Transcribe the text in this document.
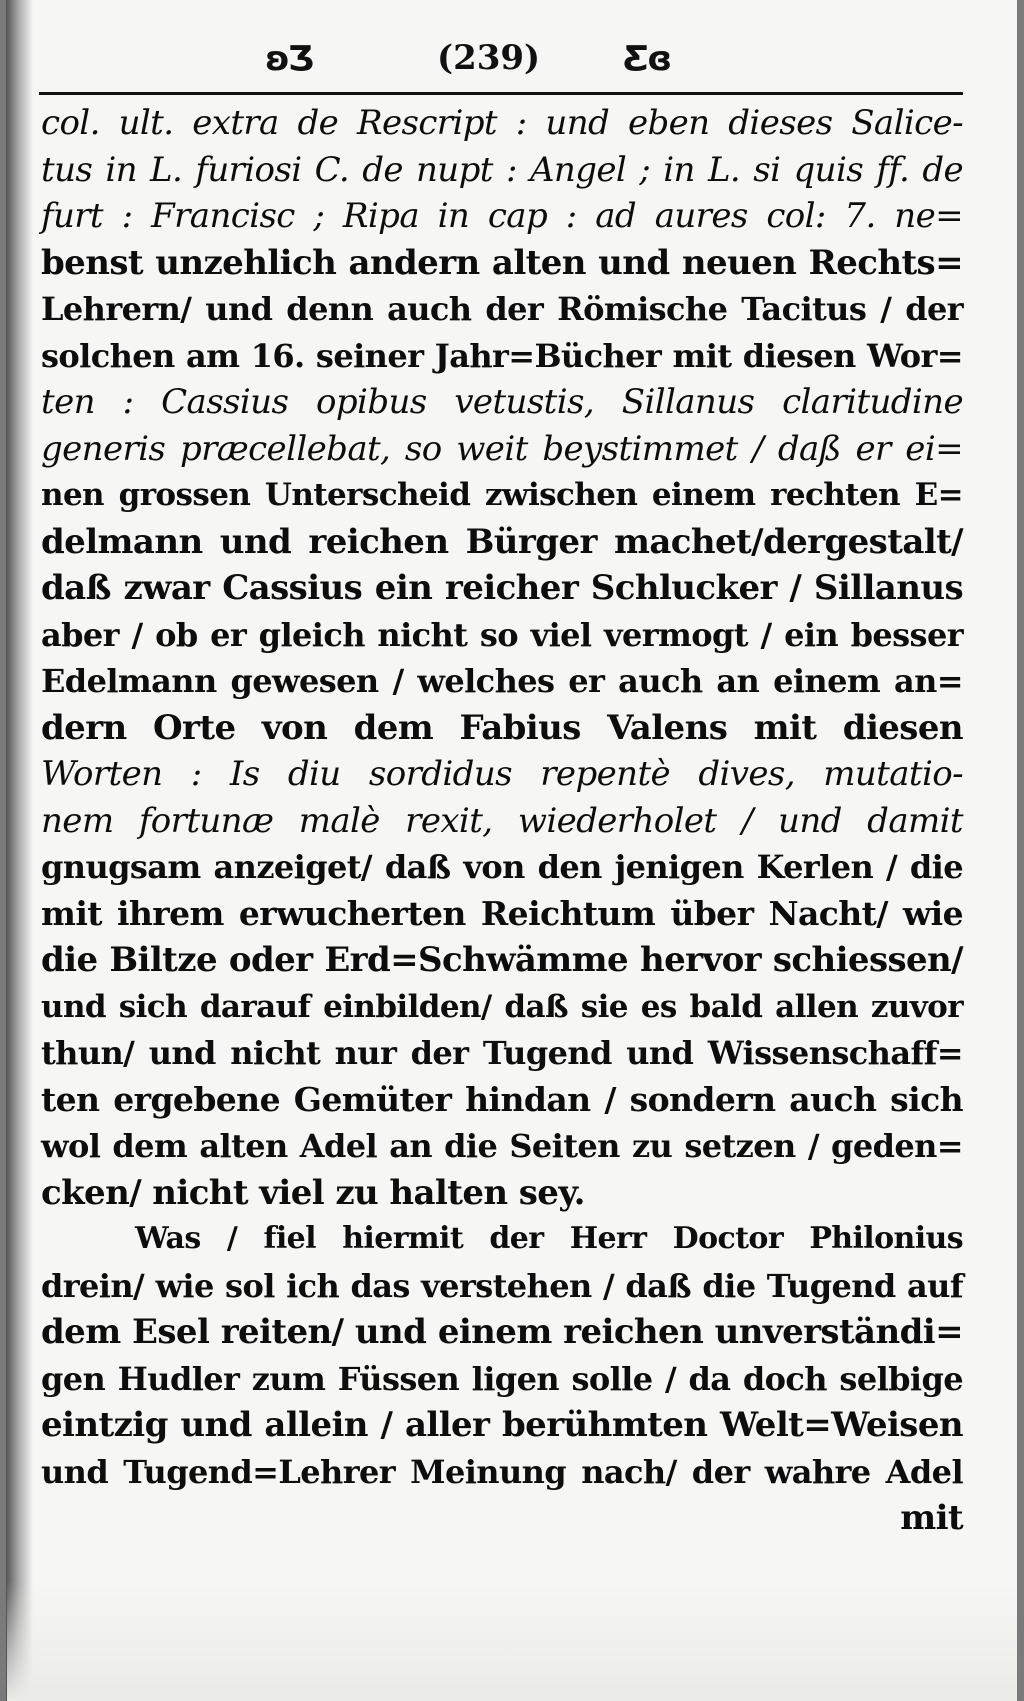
ʚƷ	(239) Ƹɞ
col. ult. extra de Rescript : und eben dieses Salice-
tus in L. furiosi C. de nupt : Angel ; in L. si quis ff. de
furt : Francisc ; Ripa in cap : ad aures col: 7. ne=
benst unzehlich andern alten und neuen Rechts=
Lehrern/ und denn auch der Römische Tacitus / der
solchen am 16. seiner Jahr=Bücher mit diesen Wor=
ten : Cassius opibus vetustis, Sillanus claritudine
generis præcellebat, so weit beystimmet / daß er ei=
nen grossen Unterscheid zwischen einem rechten E=
delmann und reichen Bürger machet/dergestalt/
daß zwar Cassius ein reicher Schlucker / Sillanus
aber / ob er gleich nicht so viel vermogt / ein besser
Edelmann gewesen / welches er auch an einem an=
dern Orte von dem Fabius Valens mit diesen
Worten : Is diu sordidus repentè dives, mutatio-
nem fortunæ malè rexit, wiederholet / und damit
gnugsam anzeiget/ daß von den jenigen Kerlen / die
mit ihrem erwucherten Reichtum über Nacht/ wie
die Biltze oder Erd=Schwämme hervor schiessen/
und sich darauf einbilden/ daß sie es bald allen zuvor
thun/ und nicht nur der Tugend und Wissenschaff=
ten ergebene Gemüter hindan / sondern auch sich
wol dem alten Adel an die Seiten zu setzen / geden=
cken/ nicht viel zu halten sey.
Was / fiel hiermit der Herr Doctor Philonius
drein/ wie sol ich das verstehen / daß die Tugend auf
dem Esel reiten/ und einem reichen unverständi=
gen Hudler zum Füssen ligen solle / da doch selbige
eintzig und allein / aller berühmten Welt=Weisen
und Tugend=Lehrer Meinung nach/ der wahre Adel
mit
